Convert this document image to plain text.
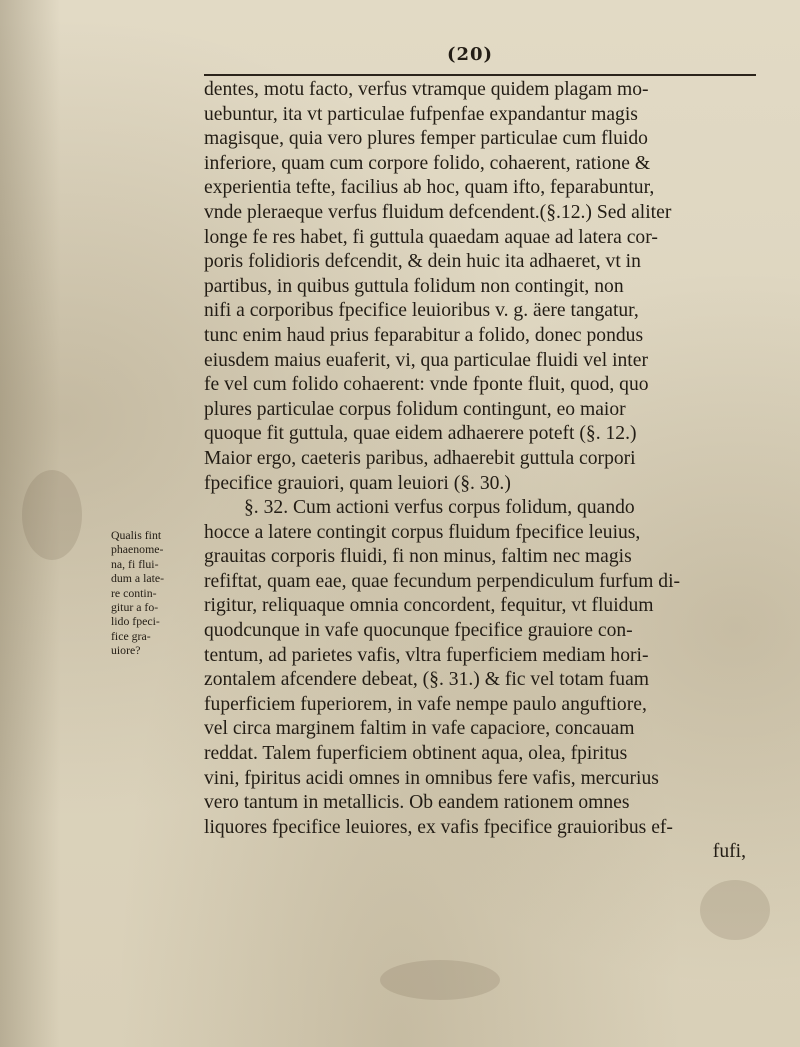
(20)
dentes, motu facto, verfus vtramque quidem plagam mo-
uebuntur, ita vt particulae fufpenfae expandantur magis
magisque, quia vero plures femper particulae cum fluido
inferiore, quam cum corpore folido, cohaerent, ratione &
experientia tefte, facilius ab hoc, quam ifto, feparabuntur,
vnde pleraeque verfus fluidum defcendent.(§.12.) Sed aliter
longe fe res habet, fi guttula quaedam aquae ad latera cor-
poris folidioris defcendit, & dein huic ita adhaeret, vt in
partibus, in quibus guttula folidum non contingit, non
nifi a corporibus fpecifice leuioribus v. g. äere tangatur,
tunc enim haud prius feparabitur a folido, donec pondus
eiusdem maius euaferit, vi, qua particulae fluidi vel inter
fe vel cum folido cohaerent: vnde fponte fluit, quod, quo
plures particulae corpus folidum contingunt, eo maior
quoque fit guttula, quae eidem adhaerere poteft (§. 12.)
Maior ergo, caeteris paribus, adhaerebit guttula corpori
fpecifice grauiori, quam leuiori (§. 30.)
§. 32. Cum actioni verfus corpus folidum, quando
hocce a latere contingit corpus fluidum fpecifice leuius,
grauitas corporis fluidi, fi non minus, faltim nec magis
refiftat, quam eae, quae fecundum perpendiculum furfum di-
rigitur, reliquaque omnia concordent, fequitur, vt fluidum
quodcunque in vafe quocunque fpecifice grauiore con-
tentum, ad parietes vafis, vltra fuperficiem mediam hori-
zontalem afcendere debeat, (§. 31.) & fic vel totam fuam
fuperficiem fuperiorem, in vafe nempe paulo anguftiore,
vel circa marginem faltim in vafe capaciore, concauam
reddat. Talem fuperficiem obtinent aqua, olea, fpiritus
vini, fpiritus acidi omnes in omnibus fere vafis, mercurius
vero tantum in metallicis. Ob eandem rationem omnes
liquores fpecifice leuiores, ex vafis fpecifice grauioribus ef-
fufi,
Qualis fint
phaenome-
na, fi flui-
dum a late-
re contin-
gitur a fo-
lido fpeci-
fice gra-
uiore?
